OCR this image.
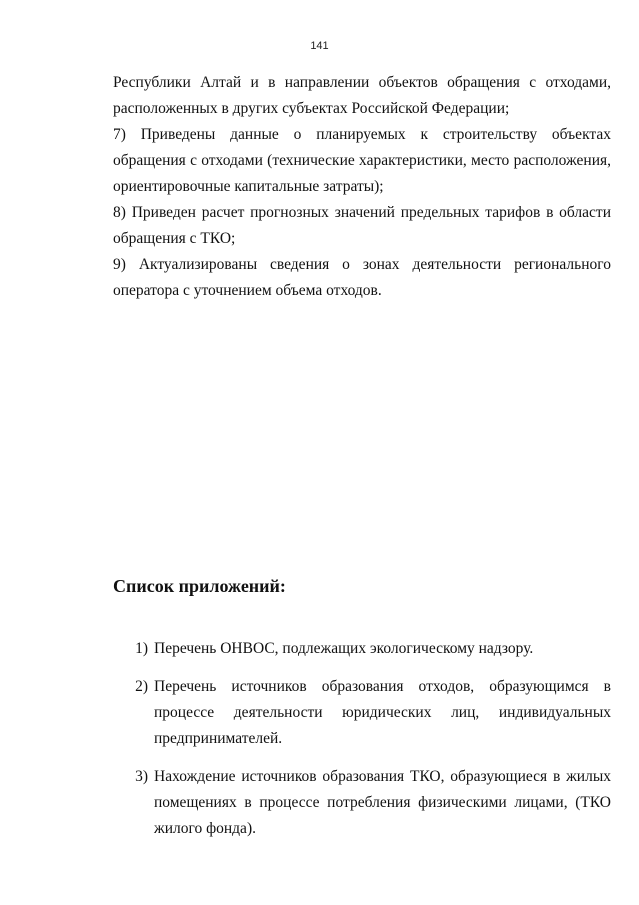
141

Республики Алтай и в направлении объектов обращения с отходами, расположенных в других субъектах Российской Федерации;

7) Приведены данные о планируемых к строительству объектах обращения с отходами (технические характеристики, место расположения, ориентировочные капитальные затраты);

8) Приведен расчет прогнозных значений предельных тарифов в области обращения с ТКО;

9) Актуализированы сведения о зонах деятельности регионального оператора с уточнением объема отходов.

Список приложений:
1) Перечень ОНВОС, подлежащих экологическому надзору.
2) Перечень источников образования отходов, образующимся в процессе деятельности юридических лиц, индивидуальных предпринимателей.
3) Нахождение источников образования ТКО, образующиеся в жилых помещениях в процессе потребления физическими лицами, (ТКО жилого фонда).
